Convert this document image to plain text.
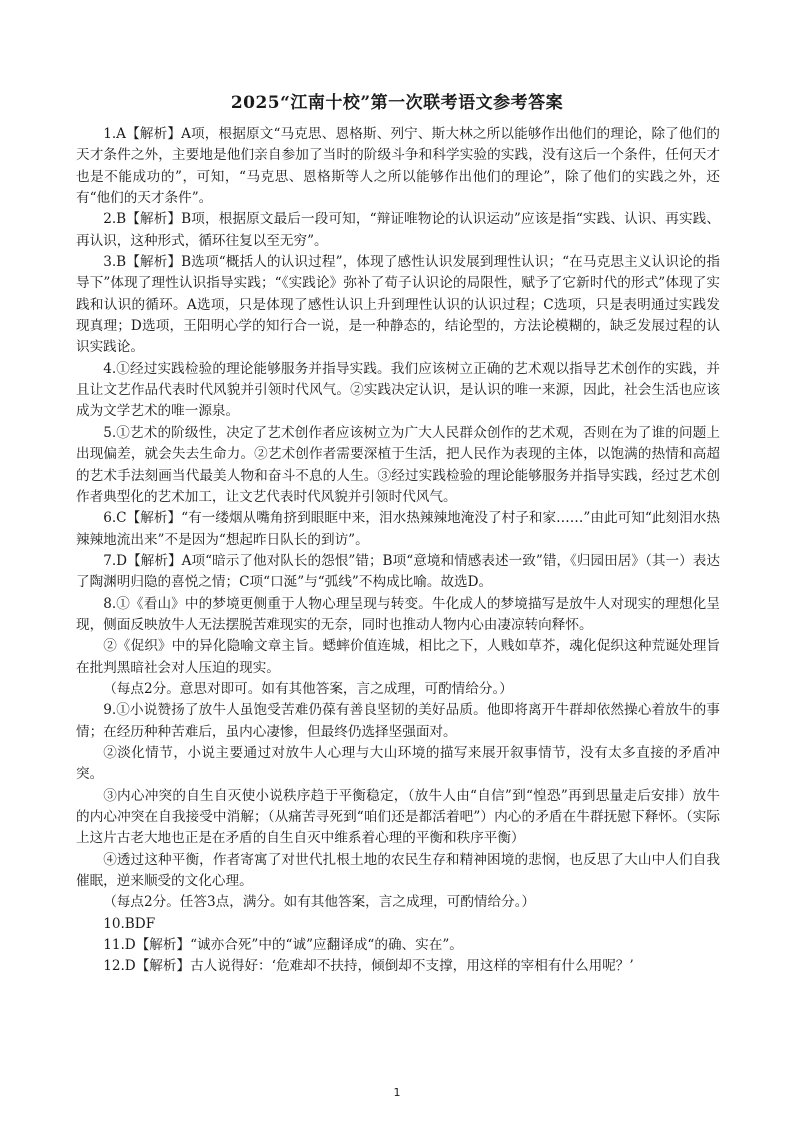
2025“江南十校”第一次联考语文参考答案

1.A【解析】A项，根据原文“马克思、恩格斯、列宁、斯大林之所以能够作出他们的理论，除了他们的天才条件之外，主要地是他们亲自参加了当时的阶级斗争和科学实验的实践，没有这后一个条件，任何天才也是不能成功的”，可知，“马克思、恩格斯等人之所以能够作出他们的理论”，除了他们的实践之外，还有“他们的天才条件”。

2.B【解析】B项，根据原文最后一段可知，“辩证唯物论的认识运动”应该是指“实践、认识、再实践、再认识，这种形式，循环往复以至无穷”。

3.B【解析】B选项“概括人的认识过程”，体现了感性认识发展到理性认识；“在马克思主义认识论的指导下”体现了理性认识指导实践；“《实践论》弥补了荀子认识论的局限性，赋予了它新时代的形式”体现了实践和认识的循环。A选项，只是体现了感性认识上升到理性认识的认识过程；C选项，只是表明通过实践发现真理；D选项，王阳明心学的知行合一说，是一种静态的，结论型的，方法论模糊的，缺乏发展过程的认识实践论。

4.①经过实践检验的理论能够服务并指导实践。我们应该树立正确的艺术观以指导艺术创作的实践，并且让文艺作品代表时代风貌并引领时代风气。②实践决定认识，是认识的唯一来源，因此，社会生活也应该成为文学艺术的唯一源泉。

5.①艺术的阶级性，决定了艺术创作者应该树立为广大人民群众创作的艺术观，否则在为了谁的问题上出现偏差，就会失去生命力。②艺术创作者需要深植于生活，把人民作为表现的主体，以饱满的热情和高超的艺术手法刻画当代最美人物和奋斗不息的人生。③经过实践检验的理论能够服务并指导实践，经过艺术创作者典型化的艺术加工，让文艺代表时代风貌并引领时代风气。

6.C【解析】“有一缕烟从嘴角挤到眼眶中来，泪水热辣辣地淹没了村子和家……”由此可知“此刻泪水热辣辣地流出来”不是因为“想起昨日队长的到访”。

7.D【解析】A项“暗示了他对队长的怨恨”错；B项“意境和情感表述一致”错，《归园田居》（其一）表达了陶渊明归隐的喜悦之情；C项“口涎”与“弧线”不构成比喻。故选D。

8.①《看山》中的梦境更侧重于人物心理呈现与转变。牛化成人的梦境描写是放牛人对现实的理想化呈现，侧面反映放牛人无法摆脱苦难现实的无奈，同时也推动人物内心由凄凉转向释怀。

②《促织》中的异化隐喻文章主旨。蟋蟀价值连城，相比之下，人贱如草芥，魂化促织这种荒诞处理旨在批判黑暗社会对人压迫的现实。

（每点2分。意思对即可。如有其他答案，言之成理，可酌情给分。）

9.①小说赞扬了放牛人虽饱受苦难仍葆有善良坚韧的美好品质。他即将离开牛群却依然操心着放牛的事情；在经历种种苦难后，虽内心凄惨，但最终仍选择坚强面对。

②淡化情节，小说主要通过对放牛人心理与大山环境的描写来展开叙事情节，没有太多直接的矛盾冲突。

③内心冲突的自生自灭使小说秩序趋于平衡稳定，（放牛人由“自信”到“惶恐”再到思量走后安排）放牛的内心冲突在自我接受中消解；（从痛苦寻死到“咱们还是都活着吧”）内心的矛盾在牛群抚慰下释怀。（实际上这片古老大地也正是在矛盾的自生自灭中维系着心理的平衡和秩序平衡）

④透过这种平衡，作者寄寓了对世代扎根土地的农民生存和精神困境的悲悯，也反思了大山中人们自我催眠，逆来顺受的文化心理。

（每点2分。任答3点，满分。如有其他答案，言之成理，可酌情给分。）

10.BDF

11.D【解析】“诚亦合死”中的“诚”应翻译成“的确、实在”。

12.D【解析】古人说得好：‘危难却不扶持，倾倒却不支撑，用这样的宰相有什么用呢？’

1
